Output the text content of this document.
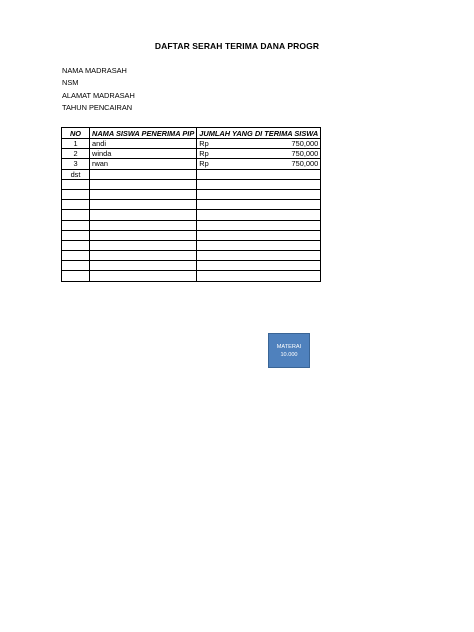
DAFTAR SERAH TERIMA DANA PROGR
NAMA MADRASAH
NSM
ALAMAT MADRASAH
TAHUN PENCAIRAN
NO	NAMA SISWA PENERIMA PIP	JUMLAH YANG DI TERIMA SISWA
1	andi	Rp 750,000

2	winda	Rp 750,000

3	rwan	Rp 750,000

dst		

MATERAI
10.000
